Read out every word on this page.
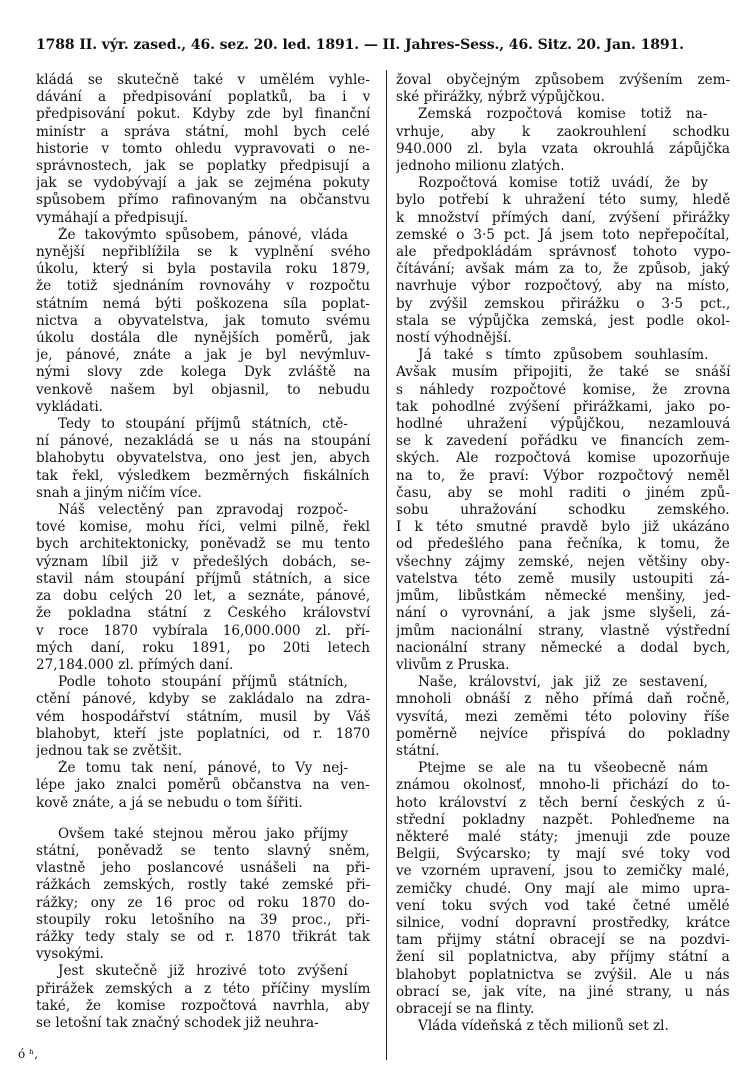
1788 II. výr. zased., 46. sez. 20. led. 1891. — II. Jahres-Sess., 46. Sitz. 20. Jan. 1891.
kládá se skutečně také v umělém vyhle-
dávání a předpisování poplatků, ba i v
předpisování pokut. Kdyby zde byl finanční
minístr a správa státní, mohl bych celé
historie v tomto ohledu vypravovati o ne-
správnostech, jak se poplatky předpisují a
jak se vydobývají a jak se zejména pokuty
spůsobem přímo rafinovaným na občanstvu
vymáhají a předpisují.
Že takovýmto spůsobem, pánové, vláda
nynější nepřiblížila se k vyplnění svého
úkolu, který si byla postavila roku 1879,
že totiž sjednáním rovnováhy v rozpočtu
státním nemá býti poškozena síla poplat-
nictva a obyvatelstva, jak tomuto svému
úkolu dostála dle nynějších poměrů, jak
je, pánové, znáte a jak je byl nevýmluv-
nými slovy zde kolega Dyk zvláště na
venkově našem byl objasnil, to nebudu
vykládati.
Tedy to stoupání příjmů státních, ctě-
ní pánové, nezakládá se u nás na stoupání
blahobytu obyvatelstva, ono jest jen, abych
tak řekl, výsledkem bezměrných fiskálních
snah a jiným ničím více.
Náš velectěný pan zpravodaj rozpoč-
tové komise, mohu říci, velmi pilně, řekl
bych architektonicky, poněvadž se mu tento
význam líbil již v předešlých dobách, se-
stavil nám stoupání příjmů státních, a sice
za dobu celých 20 let, a seznáte, pánové,
že pokladna státní z Českého království
v roce 1870 vybírala 16,000.000 zl. pří-
mých daní, roku 1891, po 20ti letech
27,184.000 zl. přímých daní.
Podle tohoto stoupání příjmů státních,
ctění pánové, kdyby se zakládalo na zdra-
vém hospodářství státním, musil by Váš
blahobyt, kteří jste poplatníci, od r. 1870
jednou tak se zvětšit.
Že tomu tak není, pánové, to Vy nej-
lépe jako znalci poměrů občanstva na ven-
kově znáte, a já se nebudu o tom šířiti.
Ovšem také stejnou měrou jako příjmy
státní, poněvadž se tento slavný sněm,
vlastně jeho poslancové usnášeli na při-
rážkách zemských, rostly také zemské při-
rážky; ony ze 16 proc od roku 1870 do-
stoupily roku letošního na 39 proc., při-
rážky tedy staly se od r. 1870 třikrát tak
vysokými.
Jest skutečně již hrozivé toto zvýšení
přirážek zemských a z této příčiny myslím
také, že komise rozpočtová navrhla, aby
se letošní tak značný schodek již neuhra-
žoval obyčejným způsobem zvýšením zem-
ské přirážky, nýbrž výpůjčkou.
Zemská rozpočtová komise totiž na-
vrhuje, aby k zaokrouhlení schodku
940.000 zl. byla vzata okrouhlá zápůjčka
jednoho milionu zlatých.
Rozpočtová komise totiž uvádí, že by
bylo potřebí k uhražení této sumy, hledě
k množství přímých daní, zvýšení přirážky
zemské o 3·5 pct. Já jsem toto nepřepočítal,
ale předpokládám správnosť tohoto vypo-
čítávání; avšak mám za to, že způsob, jaký
navrhuje výbor rozpočtový, aby na místo,
by zvýšil zemskou přirážku o 3·5 pct.,
stala se výpůjčka zemská, jest podle okol-
ností výhodnější.
Já také s tímto způsobem souhlasím.
Avšak musím připojiti, že také se snáší
s náhledy rozpočtové komise, že zrovna
tak pohodlné zvýšení přirážkami, jako po-
hodlné uhražení výpůjčkou, nezamlouvá
se k zavedení pořádku ve financích zem-
ských. Ale rozpočtová komise upozorňuje
na to, že praví: Výbor rozpočtový neměl
času, aby se mohl raditi o jiném způ-
sobu uhražování schodku zemského.
I k této smutné pravdě bylo již ukázáno
od předešlého pana řečníka, k tomu, že
všechny zájmy zemské, nejen většiny oby-
vatelstva této země musily ustoupiti zá-
jmům, libůstkám německé menšiny, jed-
nání o vyrovnání, a jak jsme slyšeli, zá-
jmům nacionální strany, vlastně výstřední
nacionální strany německé a dodal bych,
vlivům z Pruska.
Naše, království, jak již ze sestavení,
mnoholi obnáší z něho přímá daň ročně,
vysvítá, mezi zeměmi této poloviny říše
poměrně nejvíce přispívá do pokladny
státní.
Ptejme se ale na tu všeobecně nám
známou okolnosť, mnoho-li přichází do to-
hoto království z těch berní českých z ú-
střední pokladny nazpět. Pohleďneme na
některé malé státy; jmenuji zde pouze
Belgii, Švýcarsko; ty mají své toky vod
ve vzorném upravení, jsou to zemičky malé,
zemičky chudé. Ony mají ale mimo upra-
vení toku svých vod také četné umělé
silnice, vodní dopravní prostředky, krátce
tam přijmy státní obracejí se na pozdvi-
žení sil poplatnictva, aby příjmy státní a
blahobyt poplatnictva se zvýšil. Ale u nás
obrací se, jak víte, na jiné strany, u nás
obracejí se na flinty.
Vláda vídeňská z těch milionů set zl.
ó ʰ,
